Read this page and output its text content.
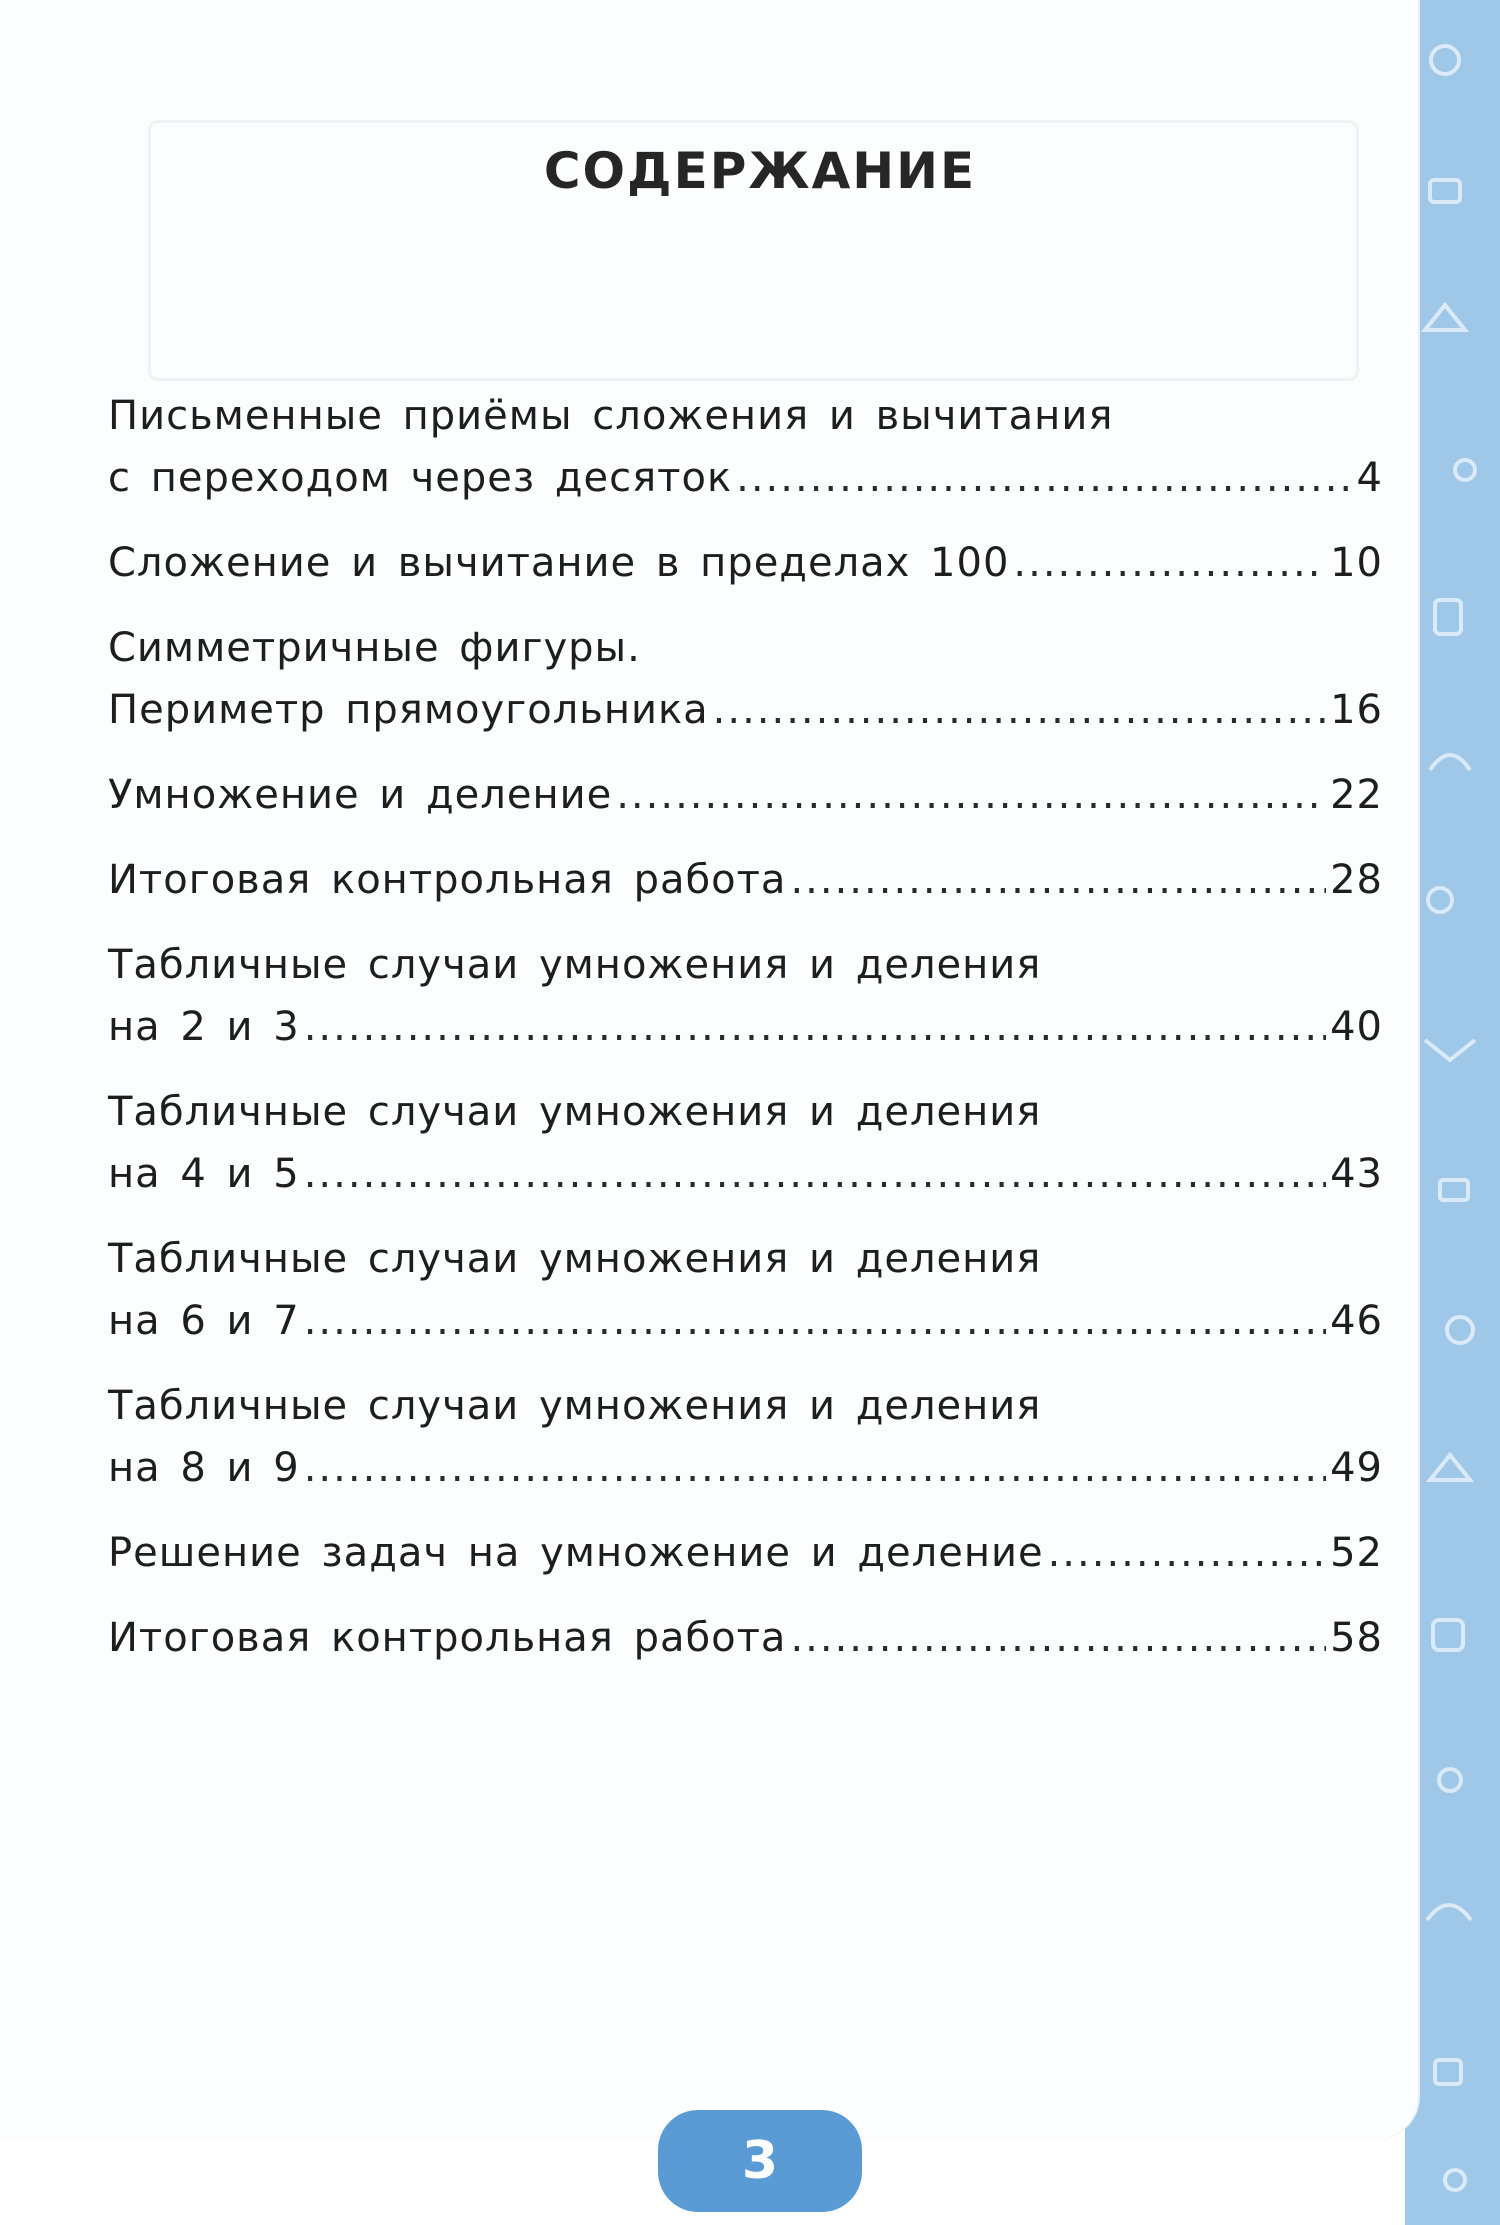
СОДЕРЖАНИЕ
Письменные приёмы сложения и вычитания
с переходом через десяток .....	4
Сложение и вычитание в пределах 100 .....	10
Симметричные фигуры.
Периметр прямоугольника .....	16
Умножение и деление .....	22
Итоговая контрольная работа .....	28
Табличные случаи умножения и деления
на 2 и 3 .....	40
Табличные случаи умножения и деления
на 4 и 5 .....	43
Табличные случаи умножения и деления
на 6 и 7 .....	46
Табличные случаи умножения и деления
на 8 и 9 .....	49
Решение задач на умножение и деление .....	52
Итоговая контрольная работа .....	58
3
